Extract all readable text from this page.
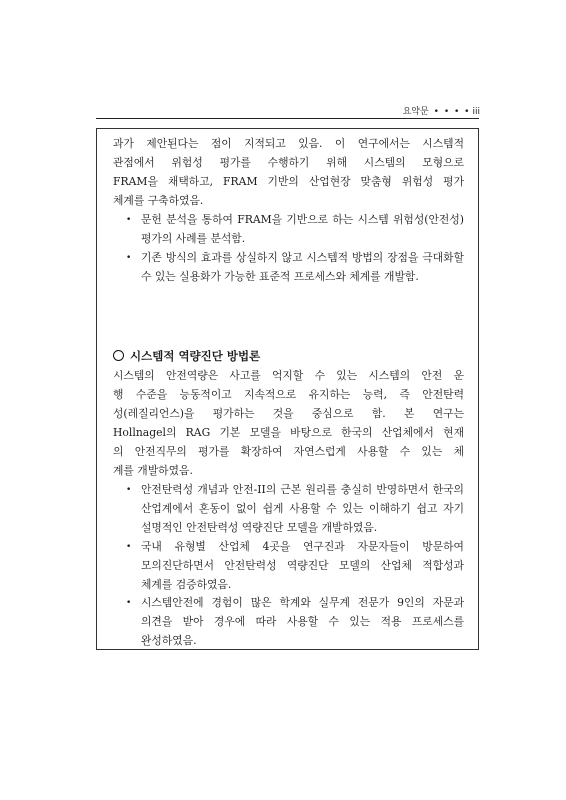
요약문 • • • • iii
과가 제안된다는 점이 지적되고 있음. 이 연구에서는 시스템적
관점에서 위험성 평가를 수행하기 위해 시스템의 모형으로
FRAM을 채택하고, FRAM 기반의 산업현장 맞춤형 위험성 평가
체계를 구축하였음.
• 문헌 분석을 통하여 FRAM을 기반으로 하는 시스템 위험성(안전성) 평가의 사례를 분석함.
• 기존 방식의 효과를 상실하지 않고 시스템적 방법의 장점을 극대화할 수 있는 실용화가 가능한 표준적 프로세스와 체계를 개발함.
시스템적 역량진단 방법론
시스템의 안전역량은 사고를 억지할 수 있는 시스템의 안전 운
행 수준을 능동적이고 지속적으로 유지하는 능력, 즉 안전탄력
성(레질리언스)을 평가하는 것을 중심으로 함. 본 연구는
Hollnagel의 RAG 기본 모델을 바탕으로 한국의 산업체에서 현재
의 안전직무의 평가를 확장하여 자연스럽게 사용할 수 있는 체
계를 개발하였음.
• 안전탄력성 개념과 안전-II의 근본 원리를 충실히 반영하면서 한국의 산업계에서 혼동이 없이 쉽게 사용할 수 있는 이해하기 쉽고 자기 설명적인 안전탄력성 역량진단 모델을 개발하였음.
• 국내 유형별 산업체 4곳을 연구진과 자문자들이 방문하여 모의진단하면서 안전탄력성 역량진단 모델의 산업체 적합성과 체계를 검증하였음.
• 시스템안전에 경험이 많은 학계와 실무계 전문가 9인의 자문과 의견을 받아 경우에 따라 사용할 수 있는 적용 프로세스를 완성하였음.
